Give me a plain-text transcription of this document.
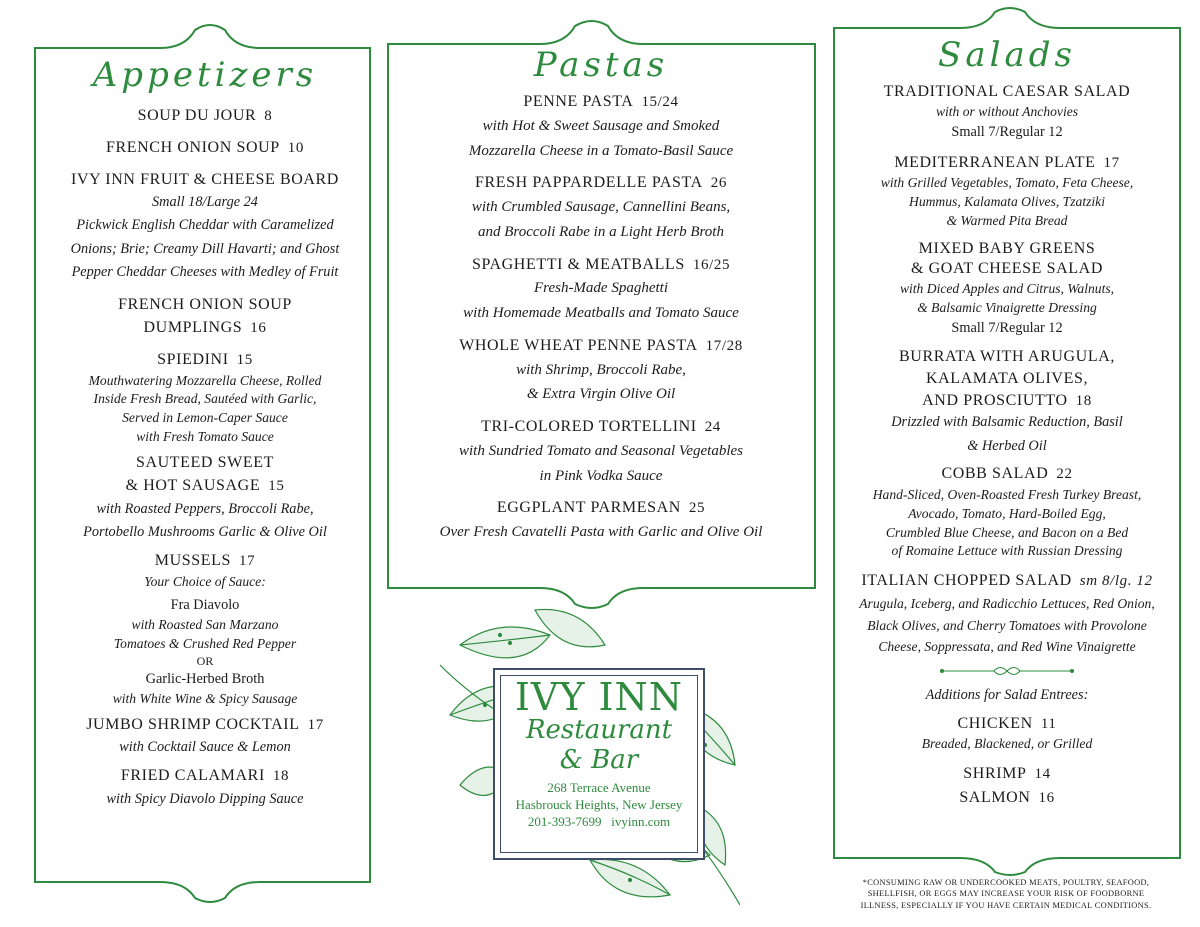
Appetizers
SOUP DU JOUR 8
FRENCH ONION SOUP 10
IVY INN FRUIT & CHEESE BOARD
Small 18/Large 24
Pickwick English Cheddar with Caramelized
Onions; Brie; Creamy Dill Havarti; and Ghost
Pepper Cheddar Cheeses with Medley of Fruit
FRENCH ONION SOUP
DUMPLINGS 16
SPIEDINI 15
Mouthwatering Mozzarella Cheese, Rolled
Inside Fresh Bread, Sautéed with Garlic,
Served in Lemon-Caper Sauce
with Fresh Tomato Sauce
SAUTEED SWEET
& HOT SAUSAGE 15
with Roasted Peppers, Broccoli Rabe,
Portobello Mushrooms Garlic & Olive Oil
MUSSELS 17
Your Choice of Sauce:
Fra Diavolo
with Roasted San Marzano
Tomatoes & Crushed Red Pepper
OR
Garlic-Herbed Broth
with White Wine & Spicy Sausage
JUMBO SHRIMP COCKTAIL 17
with Cocktail Sauce & Lemon
FRIED CALAMARI 18
with Spicy Diavolo Dipping Sauce
Pastas
PENNE PASTA 15/24
with Hot & Sweet Sausage and Smoked
Mozzarella Cheese in a Tomato-Basil Sauce
FRESH PAPPARDELLE PASTA 26
with Crumbled Sausage, Cannellini Beans,
and Broccoli Rabe in a Light Herb Broth
SPAGHETTI & MEATBALLS 16/25
Fresh-Made Spaghetti
with Homemade Meatballs and Tomato Sauce
WHOLE WHEAT PENNE PASTA 17/28
with Shrimp, Broccoli Rabe,
& Extra Virgin Olive Oil
TRI-COLORED TORTELLINI 24
with Sundried Tomato and Seasonal Vegetables
in Pink Vodka Sauce
EGGPLANT PARMESAN 25
Over Fresh Cavatelli Pasta with Garlic and Olive Oil
Salads
TRADITIONAL CAESAR SALAD
with or without Anchovies
Small 7/Regular 12
MEDITERRANEAN PLATE 17
with Grilled Vegetables, Tomato, Feta Cheese,
Hummus, Kalamata Olives, Tzatziki
& Warmed Pita Bread
MIXED BABY GREENS
& GOAT CHEESE SALAD
with Diced Apples and Citrus, Walnuts,
& Balsamic Vinaigrette Dressing
Small 7/Regular 12
BURRATA WITH ARUGULA,
KALAMATA OLIVES,
AND PROSCIUTTO 18
Drizzled with Balsamic Reduction, Basil
& Herbed Oil
COBB SALAD 22
Hand-Sliced, Oven-Roasted Fresh Turkey Breast,
Avocado, Tomato, Hard-Boiled Egg,
Crumbled Blue Cheese, and Bacon on a Bed
of Romaine Lettuce with Russian Dressing
ITALIAN CHOPPED SALAD sm 8/lg. 12
Arugula, Iceberg, and Radicchio Lettuces, Red Onion,
Black Olives, and Cherry Tomatoes with Provolone
Cheese, Soppressata, and Red Wine Vinaigrette
Additions for Salad Entrees:
CHICKEN 11
Breaded, Blackened, or Grilled
SHRIMP 14
SALMON 16
IVY INN
Restaurant
& Bar
268 Terrace Avenue
Hasbrouck Heights, New Jersey
201-393-7699 ivyinn.com
*CONSUMING RAW OR UNDERCOOKED MEATS, POULTRY, SEAFOOD,
SHELLFISH, OR EGGS MAY INCREASE YOUR RISK OF FOODBORNE
ILLNESS, ESPECIALLY IF YOU HAVE CERTAIN MEDICAL CONDITIONS.
